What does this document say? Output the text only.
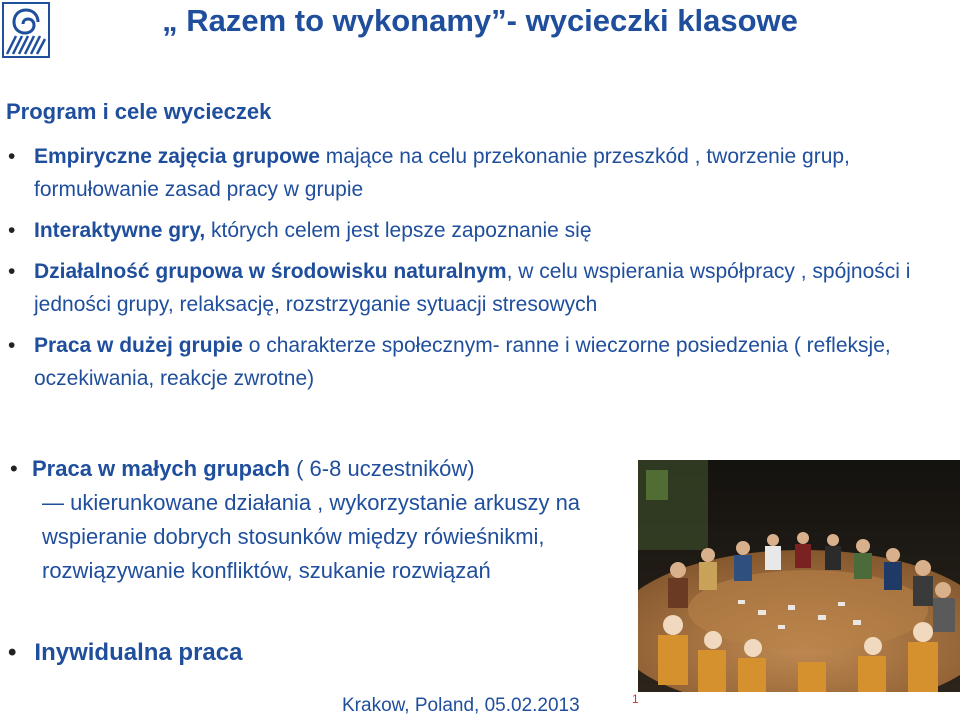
„ Razem to wykonamy”- wycieczki klasowe
Program i cele wycieczek
• Empiryczne zajęcia grupowe mające na celu przekonanie przeszkód , tworzenie grup, formułowanie zasad pracy w grupie
• Interaktywne gry, których celem jest lepsze zapoznanie się
• Działalność grupowa w środowisku naturalnym, w celu wspierania współpracy , spójności i jedności grupy, relaksację, rozstrzyganie sytuacji stresowych
• Praca w dużej grupie o charakterze społecznym- ranne i wieczorne posiedzenia ( refleksje, oczekiwania, reakcje zwrotne)
• Praca w małych grupach ( 6-8 uczestników)
— ukierunkowane działania , wykorzystanie arkuszy na wspieranie dobrych stosunków między rówieśnikmi, rozwiązywanie konfliktów, szukanie rozwiązań
• Inywidualna praca
Krakow, Poland, 05.02.2013	1
